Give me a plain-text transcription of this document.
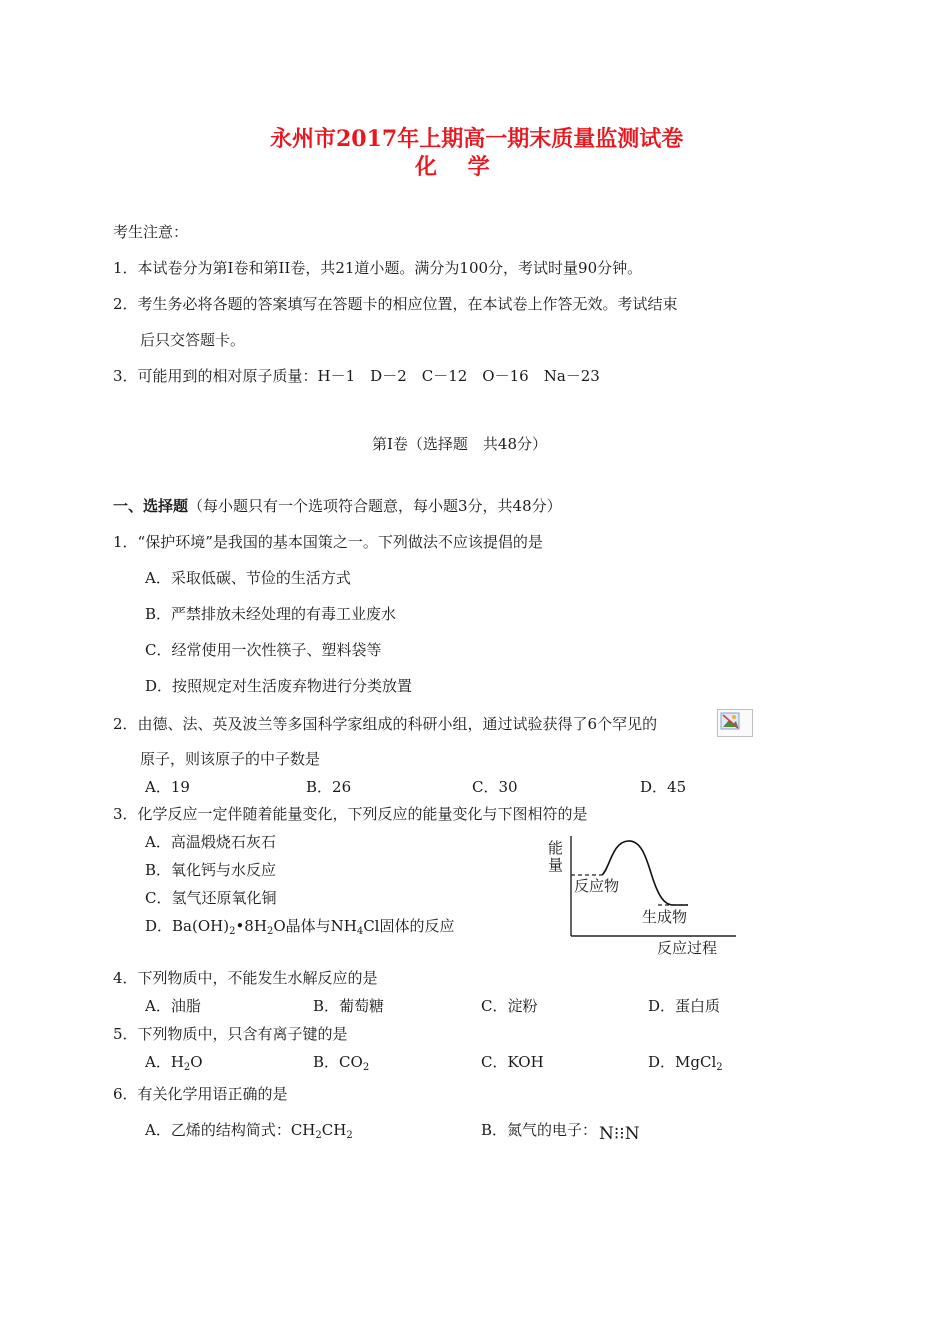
永州市2017年上期高一期末质量监测试卷
化    学
考生注意：
1．本试卷分为第Ⅰ卷和第II卷，共21道小题。满分为100分，考试时量90分钟。
2．考生务必将各题的答案填写在答题卡的相应位置，在本试卷上作答无效。考试结束
后只交答题卡。
3．可能用到的相对原子质量：H－1　D－2　C－12　O－16　Na－23
第Ⅰ卷（选择题　共48分）
一、选择题（每小题只有一个选项符合题意，每小题3分，共48分）
1．“保护环境”是我国的基本国策之一。下列做法不应该提倡的是
A．采取低碳、节俭的生活方式
B．严禁排放未经处理的有毒工业废水
C．经常使用一次性筷子、塑料袋等
D．按照规定对生活废弃物进行分类放置
2．由德、法、英及波兰等多国科学家组成的科研小组，通过试验获得了6个罕见的
原子，则该原子的中子数是
A．19	B．26	C．30	D．45
3．化学反应一定伴随着能量变化，下列反应的能量变化与下图相符的是
A．高温煅烧石灰石
B．氧化钙与水反应
C．氢气还原氧化铜
D．$Ba(OH)_2•8H_2O$晶体与$NH_4Cl$固体的反应
能
量
反应物
生成物
反应过程
4．下列物质中，不能发生水解反应的是
A．油脂	B．葡萄糖	C．淀粉	D．蛋白质
5．下列物质中，只含有离子键的是
A．$H_2O$	B．$CO_2$	C．KOH	D．MgCl$_2$
6．有关化学用语正确的是
A．乙烯的结构简式：$CH_2CH_2$	B．氮气的电子： N⁝⁝N
